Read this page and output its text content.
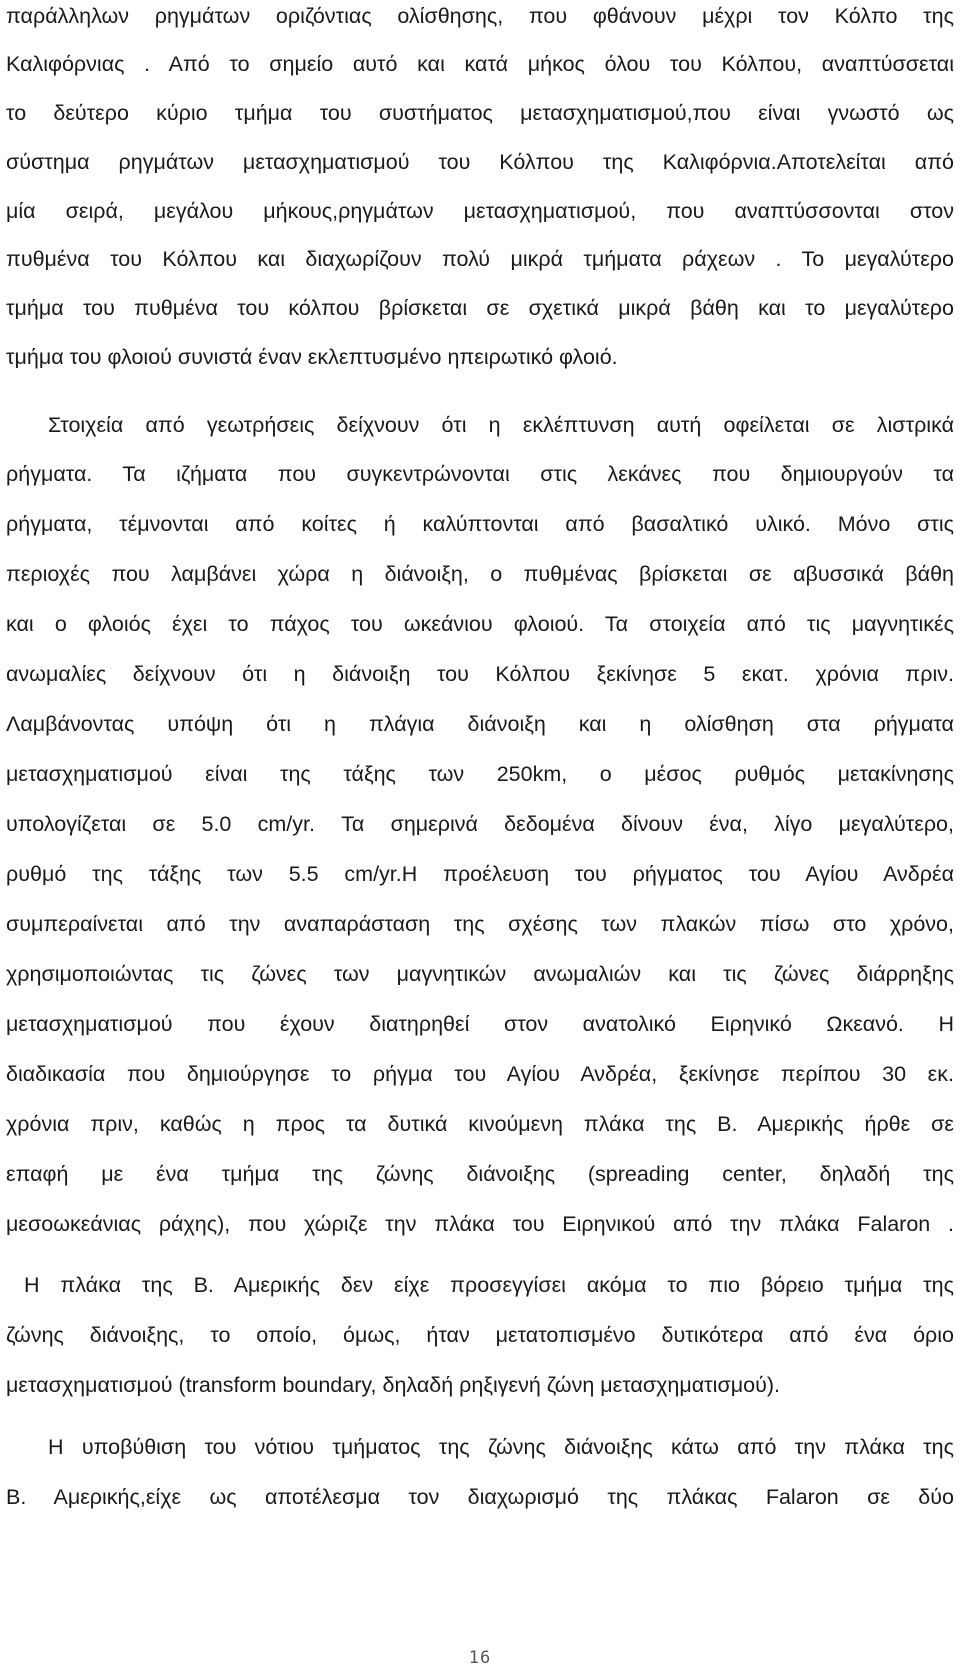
παράλληλων ρηγμάτων οριζόντιας ολίσθησης, που φθάνουν μέχρι τον Κόλπο της
Καλιφόρνιας . Από το σημείο αυτό και κατά μήκος όλου του Κόλπου, αναπτύσσεται
το δεύτερο κύριο τμήμα του συστήματος μετασχηματισμού,που είναι γνωστό ως
σύστημα ρηγμάτων μετασχηματισμού του Κόλπου της Καλιφόρνια.Αποτελείται από
μία σειρά, μεγάλου μήκους,ρηγμάτων μετασχηματισμού, που αναπτύσσονται στον
πυθμένα του Κόλπου και διαχωρίζουν πολύ μικρά τμήματα ράχεων . Το μεγαλύτερο
τμήμα του πυθμένα του κόλπου βρίσκεται σε σχετικά μικρά βάθη και το μεγαλύτερο
τμήμα του φλοιού συνιστά έναν εκλεπτυσμένο ηπειρωτικό φλοιό.
Στοιχεία από γεωτρήσεις δείχνουν ότι η εκλέπτυνση αυτή οφείλεται σε λιστρικά
ρήγματα. Τα ιζήματα που συγκεντρώνονται στις λεκάνες που δημιουργούν τα
ρήγματα, τέμνονται από κοίτες ή καλύπτονται από βασαλτικό υλικό. Μόνο στις
περιοχές που λαμβάνει χώρα η διάνοιξη, ο πυθμένας βρίσκεται σε αβυσσικά βάθη
και ο φλοιός έχει το πάχος του ωκεάνιου φλοιού. Τα στοιχεία από τις μαγνητικές
ανωμαλίες δείχνουν ότι η διάνοιξη του Κόλπου ξεκίνησε 5 εκατ. χρόνια πριν.
Λαμβάνοντας υπόψη ότι η πλάγια διάνοιξη και η ολίσθηση στα ρήγματα
μετασχηματισμού είναι της τάξης των 250km, ο μέσος ρυθμός μετακίνησης
υπολογίζεται σε 5.0 cm/yr. Τα σημερινά δεδομένα δίνουν ένα, λίγο μεγαλύτερο,
ρυθμό της τάξης των 5.5 cm/yr.Η προέλευση του ρήγματος του Αγίου Ανδρέα
συμπεραίνεται από την αναπαράσταση της σχέσης των πλακών πίσω στο χρόνο,
χρησιμοποιώντας τις ζώνες των μαγνητικών ανωμαλιών και τις ζώνες διάρρηξης
μετασχηματισμού που έχουν διατηρηθεί στον ανατολικό Ειρηνικό Ωκεανό. Η
διαδικασία που δημιούργησε το ρήγμα του Αγίου Ανδρέα, ξεκίνησε περίπου 30 εκ.
χρόνια πριν, καθώς η προς τα δυτικά κινούμενη πλάκα της Β. Αμερικής ήρθε σε
επαφή με ένα τμήμα της ζώνης διάνοιξης (spreading center, δηλαδή της
μεσοωκεάνιας ράχης), που χώριζε την πλάκα του Ειρηνικού από την πλάκα Falaron .
Η πλάκα της Β. Αμερικής δεν είχε προσεγγίσει ακόμα το πιο βόρειο τμήμα της
ζώνης διάνοιξης, το οποίο, όμως, ήταν μετατοπισμένο δυτικότερα από ένα όριο
μετασχηματισμού (transform boundary, δηλαδή ρηξιγενή ζώνη μετασχηματισμού).
Η υποβύθιση του νότιου τμήματος της ζώνης διάνοιξης κάτω από την πλάκα της
Β. Αμερικής,είχε ως αποτέλεσμα τον διαχωρισμό της πλάκας Falaron σε δύο
16
